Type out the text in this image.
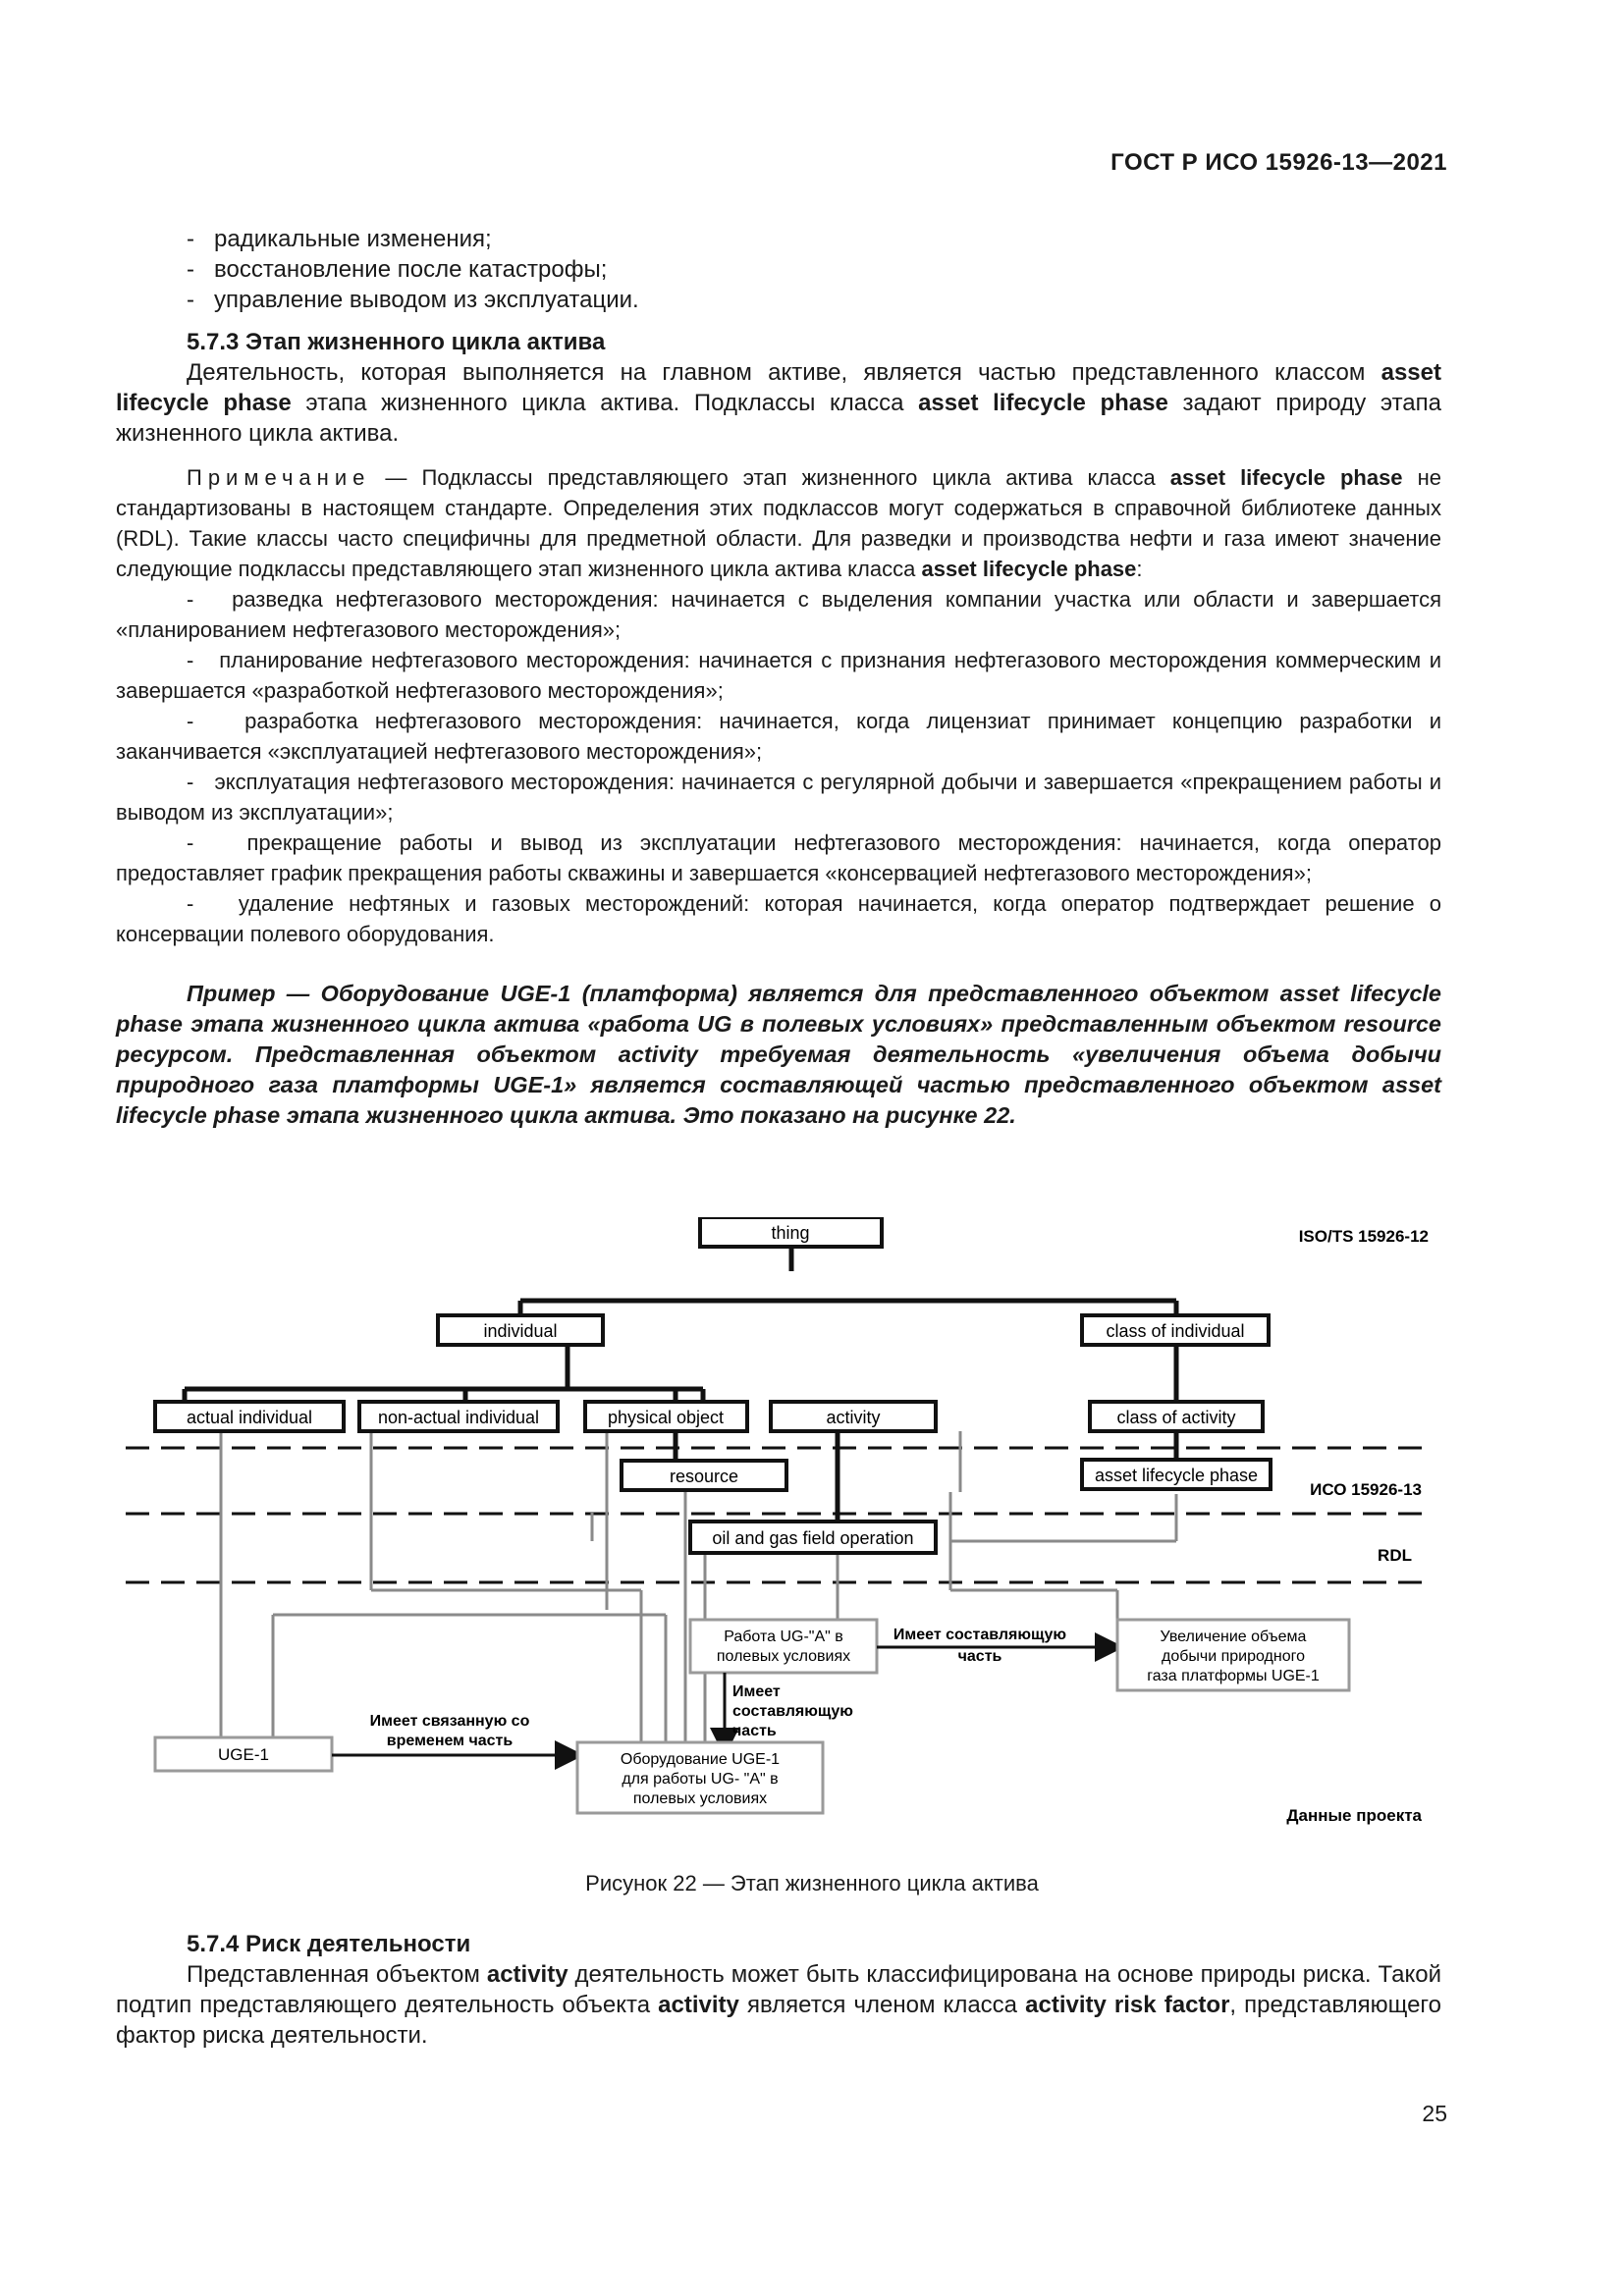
ГОСТ Р ИСО 15926-13—2021

- радикальные изменения;

- восстановление после катастрофы;

- управление выводом из эксплуатации.

5.7.3 Этап жизненного цикла актива

Деятельность, которая выполняется на главном активе, является частью представленного классом asset lifecycle phase этапа жизненного цикла актива. Подклассы класса asset lifecycle phase задают природу этапа жизненного цикла актива.

Примечание — Подклассы представляющего этап жизненного цикла актива класса asset lifecycle phase не стандартизованы в настоящем стандарте. Определения этих подклассов могут содержаться в справочной библиотеке данных (RDL). Такие классы часто специфичны для предметной области. Для разведки и производства нефти и газа имеют значение следующие подклассы представляющего этап жизненного цикла актива класса asset lifecycle phase:

-   разведка нефтегазового месторождения: начинается с выделения компании участка или области и завершается «планированием нефтегазового месторождения»;

-   планирование нефтегазового месторождения: начинается с признания нефтегазового месторождения коммерческим и завершается «разработкой нефтегазового месторождения»;

-   разработка нефтегазового месторождения: начинается, когда лицензиат принимает концепцию разработки и заканчивается «эксплуатацией нефтегазового месторождения»;

-   эксплуатация нефтегазового месторождения: начинается с регулярной добычи и завершается «прекращением работы и выводом из эксплуатации»;

-   прекращение работы и вывод из эксплуатации нефтегазового месторождения: начинается, когда оператор предоставляет график прекращения работы скважины и завершается «консервацией нефтегазового месторождения»;

-   удаление нефтяных и газовых месторождений: которая начинается, когда оператор подтверждает решение о консервации полевого оборудования.

Пример — Оборудование UGE-1 (платформа) является для представленного объектом asset lifecycle phase этапа жизненного цикла актива «работа UG в полевых условиях» представленным объектом resource ресурсом. Представленная объектом activity требуемая деятельность «увеличения объема добычи природного газа платформы UGE-1» является составляющей частью представленного объектом asset lifecycle phase этапа жизненного цикла актива. Это показано на рисунке 22.

thing	ISO/TS 15926-12
individual	class of individual
actual individual	non-actual individual	physical object	activity	class of activity
resource	asset lifecycle phase
ИСО 15926-13
oil and gas field operation
RDL
Работа UG-"A" в
полевых условиях
Имеет составляющую
часть
Увеличение объема
добычи природного
газа платформы UGE-1
Имеет
составляющую
часть
UGE-1
Имеет связанную со
временем часть
Оборудование UGE-1
для работы UG- "A" в
полевых условиях
Данные проекта
Рисунок 22 — Этап жизненного цикла актива
5.7.4 Риск деятельности

Представленная объектом activity деятельность может быть классифицирована на основе природы риска. Такой подтип представляющего деятельность объекта activity является членом класса activity risk factor, представляющего фактор риска деятельности.

25
